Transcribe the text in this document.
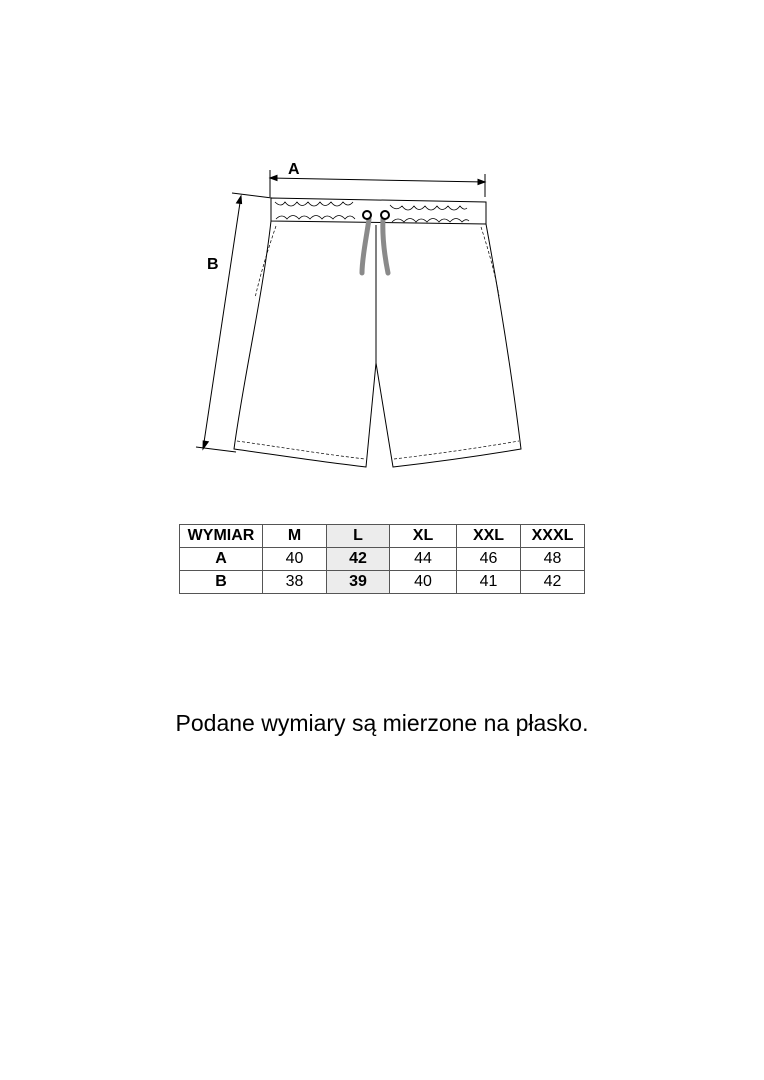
A
B
WYMIAR	M	L	XL	XXL	XXXL
A	40	42	44	46	48
B	38	39	40	41	42
Podane wymiary są mierzone na płasko.
